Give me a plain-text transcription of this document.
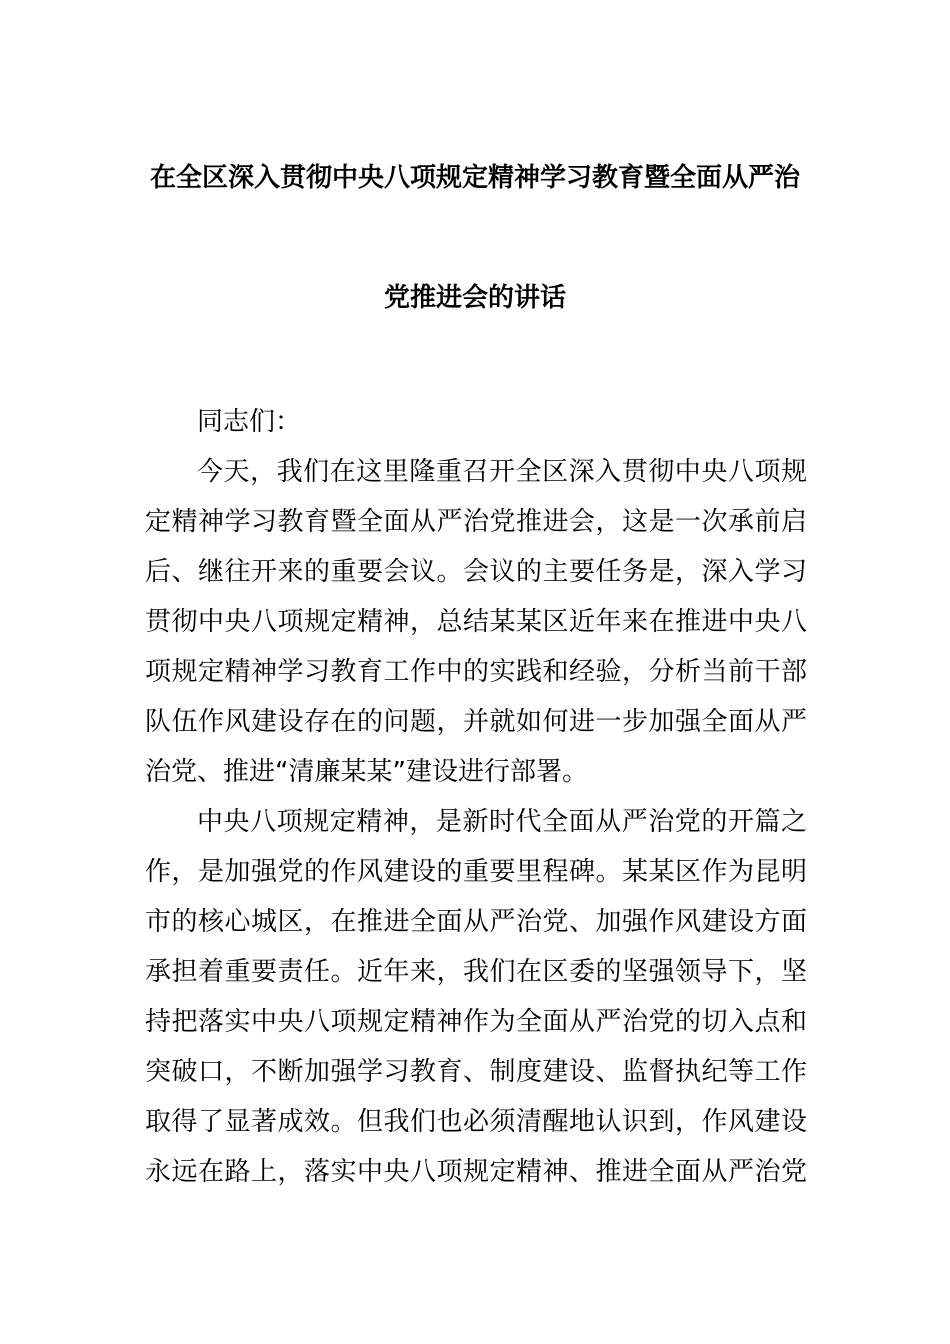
在全区深入贯彻中央八项规定精神学习教育暨全面从严治
党推进会的讲话
同志们：
今天，我们在这里隆重召开全区深入贯彻中央八项规
定精神学习教育暨全面从严治党推进会，这是一次承前启
后、继往开来的重要会议。会议的主要任务是，深入学习
贯彻中央八项规定精神，总结某某区近年来在推进中央八
项规定精神学习教育工作中的实践和经验，分析当前干部
队伍作风建设存在的问题，并就如何进一步加强全面从严
治党、推进“清廉某某”建设进行部署。
中央八项规定精神，是新时代全面从严治党的开篇之
作，是加强党的作风建设的重要里程碑。某某区作为昆明
市的核心城区，在推进全面从严治党、加强作风建设方面
承担着重要责任。近年来，我们在区委的坚强领导下，坚
持把落实中央八项规定精神作为全面从严治党的切入点和
突破口，不断加强学习教育、制度建设、监督执纪等工作
取得了显著成效。但我们也必须清醒地认识到，作风建设
永远在路上，落实中央八项规定精神、推进全面从严治党
